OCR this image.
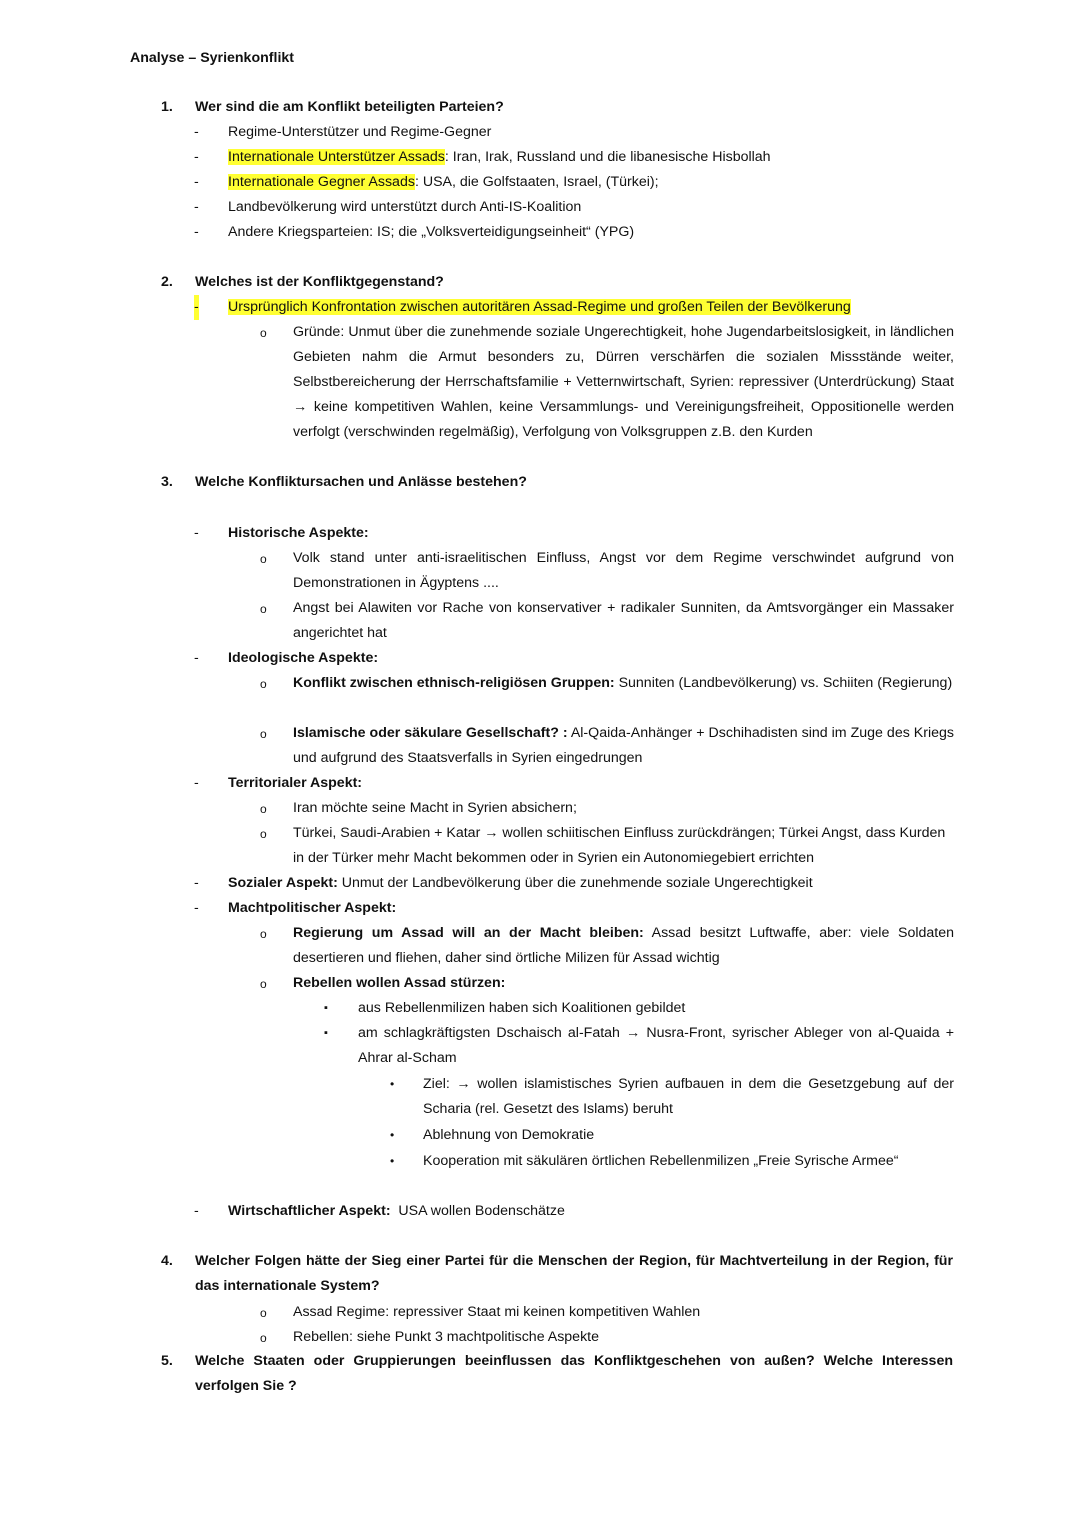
Analyse – Syrienkonflikt
1.	Wer sind die am Konflikt beteiligten Parteien?
- Regime-Unterstützer und Regime-Gegner
- Internationale Unterstützer Assads: Iran, Irak, Russland und die libanesische Hisbollah
- Internationale Gegner Assads: USA, die Golfstaaten, Israel, (Türkei);
- Landbevölkerung wird unterstützt durch Anti-IS-Koalition
- Andere Kriegsparteien: IS; die „Volksverteidigungseinheit“ (YPG)
2.	Welches ist der Konfliktgegenstand?
- Ursprünglich Konfrontation zwischen autoritären Assad-Regime und großen Teilen der Bevölkerung
o Gründe: Unmut über die zunehmende soziale Ungerechtigkeit, hohe Jugendarbeitslosigkeit, in ländlichen Gebieten nahm die Armut besonders zu, Dürren verschärfen die sozialen Missstände weiter, Selbstbereicherung der Herrschaftsfamilie + Vetternwirtschaft, Syrien: repressiver (Unterdrückung) Staat → keine kompetitiven Wahlen, keine Versammlungs- und Vereinigungsfreiheit, Oppositionelle werden verfolgt (verschwinden regelmäßig), Verfolgung von Volksgruppen z.B. den Kurden
3.	Welche Konfliktursachen und Anlässe bestehen?
- Historische Aspekte:
o Volk stand unter anti-israelitischen Einfluss, Angst vor dem Regime verschwindet aufgrund von Demonstrationen in Ägyptens ....
o Angst bei Alawiten vor Rache von konservativer + radikaler Sunniten, da Amtsvorgänger ein Massaker angerichtet hat
- Ideologische Aspekte:
o Konflikt zwischen ethnisch-religiösen Gruppen: Sunniten (Landbevölkerung) vs. Schiiten (Regierung)
o Islamische oder säkulare Gesellschaft? : Al-Qaida-Anhänger + Dschihadisten sind im Zuge des Kriegs und aufgrund des Staatsverfalls in Syrien eingedrungen
- Territorialer Aspekt:
o Iran möchte seine Macht in Syrien absichern;
o Türkei, Saudi-Arabien + Katar → wollen schiitischen Einfluss zurückdrängen; Türkei Angst, dass Kurden in der Türker mehr Macht bekommen oder in Syrien ein Autonomiegebiert errichten
- Sozialer Aspekt: Unmut der Landbevölkerung über die zunehmende soziale Ungerechtigkeit
- Machtpolitischer Aspekt:
o Regierung um Assad will an der Macht bleiben: Assad besitzt Luftwaffe, aber: viele Soldaten desertieren und fliehen, daher sind örtliche Milizen für Assad wichtig
o Rebellen wollen Assad stürzen:
▪ aus Rebellenmilizen haben sich Koalitionen gebildet
▪ am schlagkräftigsten Dschaisch al-Fatah → Nusra-Front, syrischer Ableger von al-Quaida + Ahrar al-Scham
• Ziel: → wollen islamistisches Syrien aufbauen in dem die Gesetzgebung auf der Scharia (rel. Gesetzt des Islams) beruht
• Ablehnung von Demokratie
• Kooperation mit säkulären örtlichen Rebellenmilizen „Freie Syrische Armee“
- Wirtschaftlicher Aspekt:  USA wollen Bodenschätze
4.	Welcher Folgen hätte der Sieg einer Partei für die Menschen der Region, für Machtverteilung in der Region, für das internationale System?
o Assad Regime: repressiver Staat mi keinen kompetitiven Wahlen
o Rebellen: siehe Punkt 3 machtpolitische Aspekte
5.	Welche Staaten oder Gruppierungen beeinflussen das Konfliktgeschehen von außen? Welche Interessen verfolgen Sie ?
